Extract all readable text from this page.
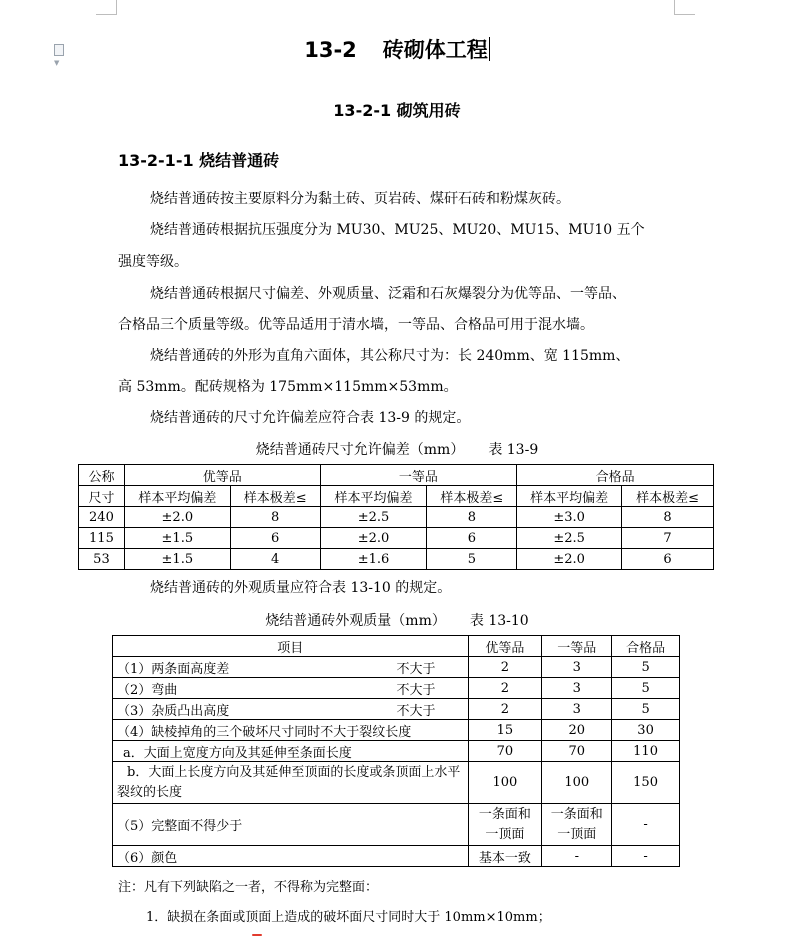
▼
13-2 砖砌体工程
13-2-1 砌筑用砖
13-2-1-1 烧结普通砖
烧结普通砖按主要原料分为黏土砖、页岩砖、煤矸石砖和粉煤灰砖。
烧结普通砖根据抗压强度分为 MU30、MU25、MU20、MU15、MU10 五个
强度等级。
烧结普通砖根据尺寸偏差、外观质量、泛霜和石灰爆裂分为优等品、一等品、
合格品三个质量等级。优等品适用于清水墙，一等品、合格品可用于混水墙。
烧结普通砖的外形为直角六面体，其公称尺寸为：长 240mm、宽 115mm、
高 53mm。配砖规格为 175mm×115mm×53mm。
烧结普通砖的尺寸允许偏差应符合表 13-9 的规定。
烧结普通砖尺寸允许偏差（mm） 表 13-9
公称	优等品		一等品		合格品	
尺寸	样本平均偏差	样本极差≤	样本平均偏差	样本极差≤	样本平均偏差	样本极差≤
240	±2.0	8	±2.5	8	±3.0	8
115	±1.5	6	±2.0	6	±2.5	7
53	±1.5	4	±1.6	5	±2.0	6
烧结普通砖的外观质量应符合表 13-10 的规定。
烧结普通砖外观质量（mm） 表 13-10
项目	优等品	一等品	合格品
（1）两条面高度差 不大于	2	3	5
（2）弯曲 不大于	2	3	5
（3）杂质凸出高度 不大于	2	3	5
（4）缺棱掉角的三个破坏尺寸同时不大于裂纹长度	15	20	30
a．大面上宽度方向及其延伸至条面长度	70	70	110
b．大面上长度方向及其延伸至顶面的长度或条顶面上水平裂纹的长度	100	100	150
（5）完整面不得少于	一条面和一顶面	一条面和一顶面	-
（6）颜色	基本一致	-	-
注：凡有下列缺陷之一者，不得称为完整面：
1．缺损在条面或顶面上造成的破坏面尺寸同时大于 10mm×10mm；
